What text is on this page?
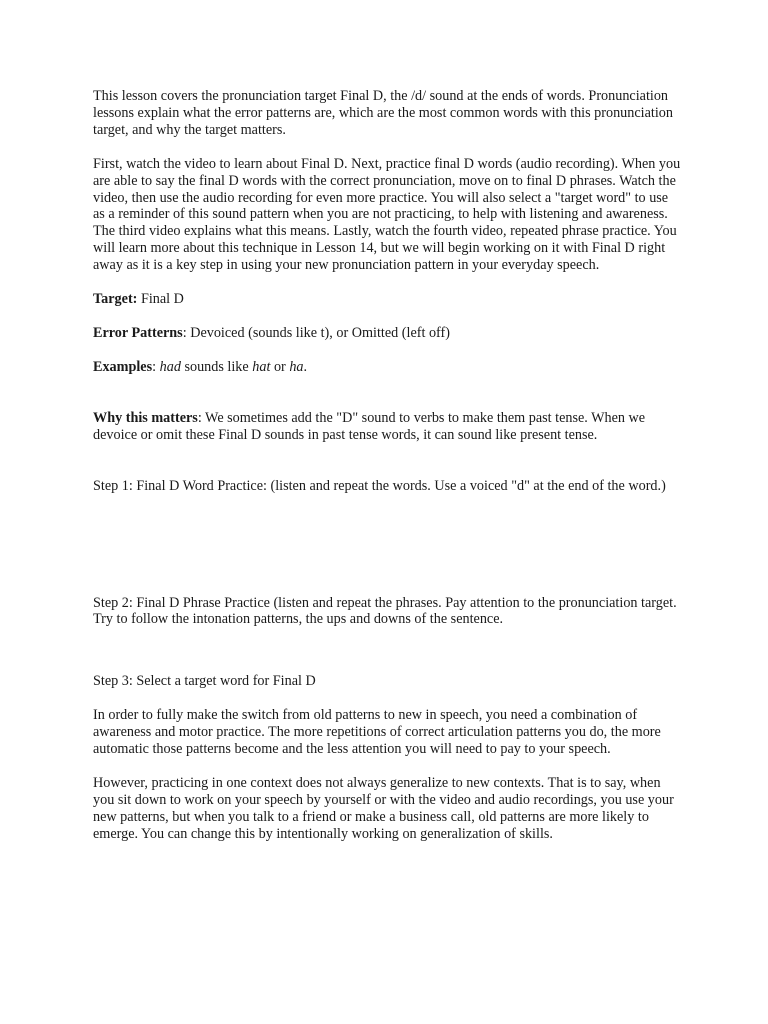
This lesson covers the pronunciation target Final D, the /d/ sound at the ends of words. Pronunciation lessons explain what the error patterns are, which are the most common words with this pronunciation target, and why the target matters.

First, watch the video to learn about Final D. Next, practice final D words (audio recording). When you are able to say the final D words with the correct pronunciation, move on to final D phrases. Watch the video, then use the audio recording for even more practice. You will also select a "target word" to use as a reminder of this sound pattern when you are not practicing, to help with listening and awareness. The third video explains what this means. Lastly, watch the fourth video, repeated phrase practice. You will learn more about this technique in Lesson 14, but we will begin working on it with Final D right away as it is a key step in using your new pronunciation pattern in your everyday speech.

Target: Final D

Error Patterns: Devoiced (sounds like t), or Omitted (left off)

Examples: had sounds like hat or ha.

Why this matters: We sometimes add the "D" sound to verbs to make them past tense. When we devoice or omit these Final D sounds in past tense words, it can sound like present tense.

Step 1: Final D Word Practice: (listen and repeat the words. Use a voiced "d" at the end of the word.)

Step 2: Final D Phrase Practice (listen and repeat the phrases. Pay attention to the pronunciation target. Try to follow the intonation patterns, the ups and downs of the sentence.

Step 3: Select a target word for Final D

In order to fully make the switch from old patterns to new in speech, you need a combination of awareness and motor practice. The more repetitions of correct articulation patterns you do, the more automatic those patterns become and the less attention you will need to pay to your speech.

However, practicing in one context does not always generalize to new contexts. That is to say, when you sit down to work on your speech by yourself or with the video and audio recordings, you use your new patterns, but when you talk to a friend or make a business call, old patterns are more likely to emerge. You can change this by intentionally working on generalization of skills.
